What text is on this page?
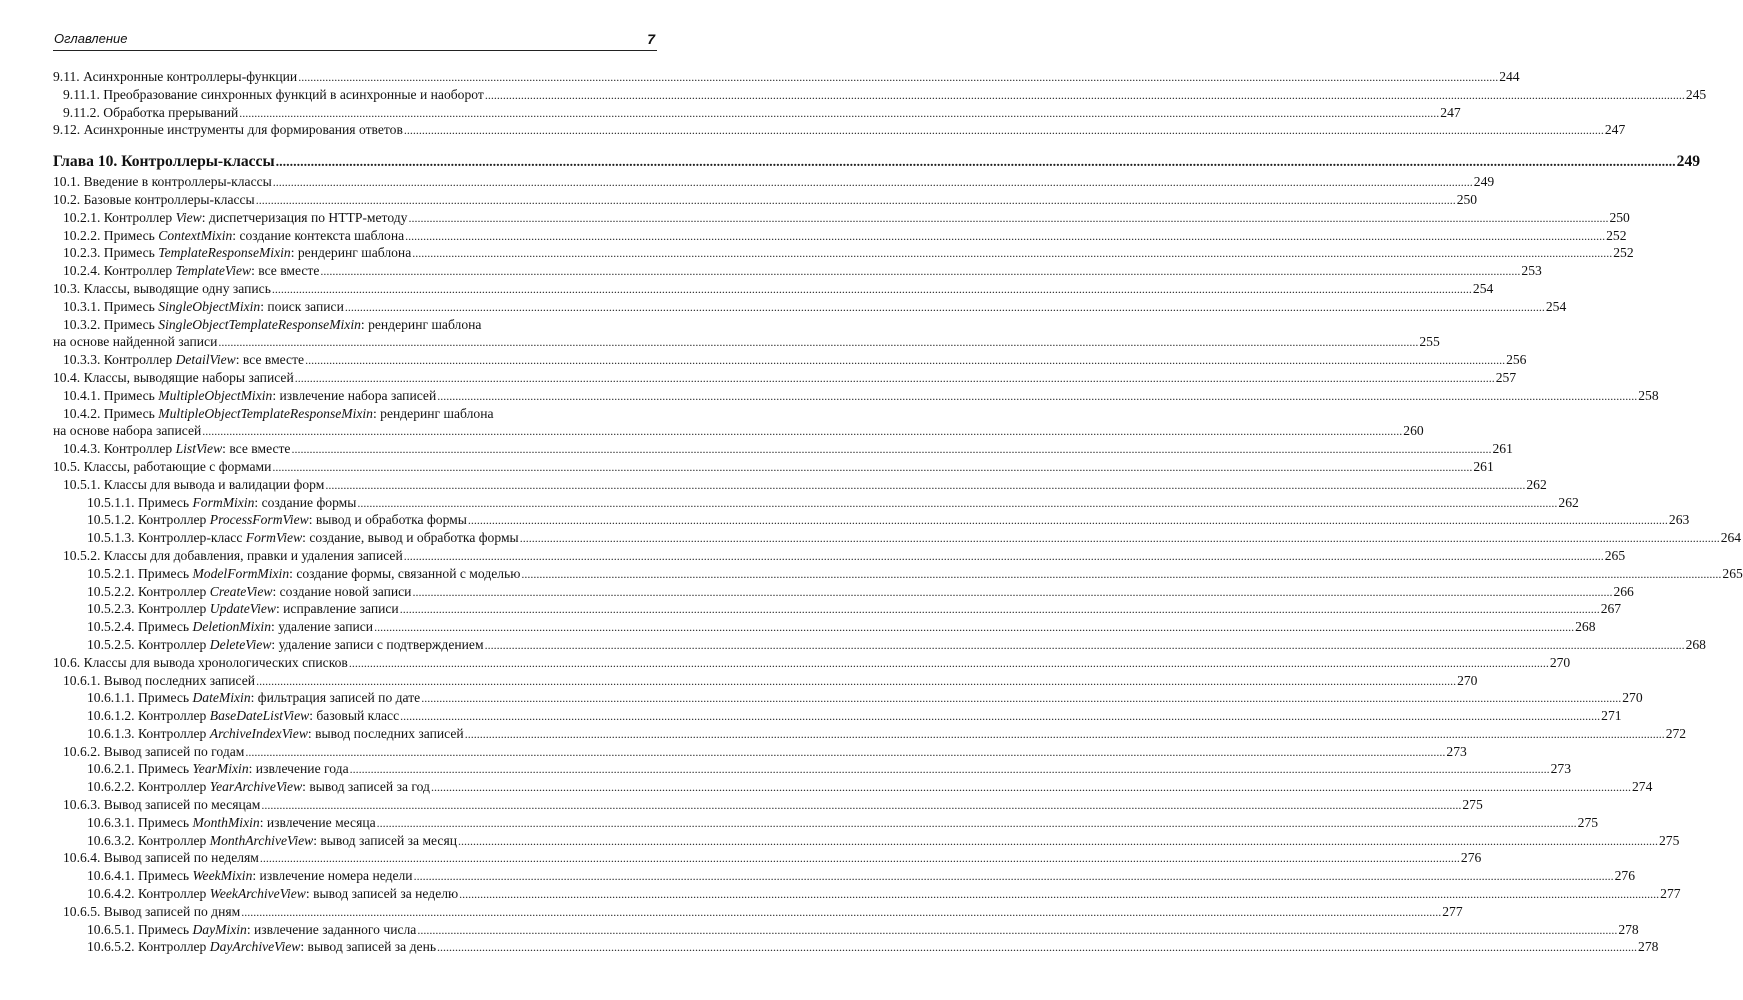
Оглавление	7
9.11. Асинхронные контроллеры-функции ................................................................................................................................................................................................................................................................................................................................................................................................................ 244
9.11.1. Преобразование синхронных функций в асинхронные и наоборот ................................................................................................................................................................................................................................................................................................................................................................................................................ 245
9.11.2. Обработка прерываний ................................................................................................................................................................................................................................................................................................................................................................................................................ 247
9.12. Асинхронные инструменты для формирования ответов ................................................................................................................................................................................................................................................................................................................................................................................................................ 247
Глава 10. Контроллеры-классы ................................................................................................................................................................................................................................................................................................................................................................................................................ 249
10.1. Введение в контроллеры-классы ................................................................................................................................................................................................................................................................................................................................................................................................................ 249
10.2. Базовые контроллеры-классы ................................................................................................................................................................................................................................................................................................................................................................................................................ 250
10.2.1. Контроллер View: диспетчеризация по HTTP-методу ................................................................................................................................................................................................................................................................................................................................................................................................................ 250
10.2.2. Примесь ContextMixin: создание контекста шаблона ................................................................................................................................................................................................................................................................................................................................................................................................................ 252
10.2.3. Примесь TemplateResponseMixin: рендеринг шаблона ................................................................................................................................................................................................................................................................................................................................................................................................................ 252
10.2.4. Контроллер TemplateView: все вместе ................................................................................................................................................................................................................................................................................................................................................................................................................ 253
10.3. Классы, выводящие одну запись ................................................................................................................................................................................................................................................................................................................................................................................................................ 254
10.3.1. Примесь SingleObjectMixin: поиск записи ................................................................................................................................................................................................................................................................................................................................................................................................................ 254
10.3.2. Примесь SingleObjectTemplateResponseMixin: рендеринг шаблона
на основе найденной записи ................................................................................................................................................................................................................................................................................................................................................................................................................ 255
10.3.3. Контроллер DetailView: все вместе ................................................................................................................................................................................................................................................................................................................................................................................................................ 256
10.4. Классы, выводящие наборы записей ................................................................................................................................................................................................................................................................................................................................................................................................................ 257
10.4.1. Примесь MultipleObjectMixin: извлечение набора записей ................................................................................................................................................................................................................................................................................................................................................................................................................ 258
10.4.2. Примесь MultipleObjectTemplateResponseMixin: рендеринг шаблона
на основе набора записей ................................................................................................................................................................................................................................................................................................................................................................................................................ 260
10.4.3. Контроллер ListView: все вместе ................................................................................................................................................................................................................................................................................................................................................................................................................ 261
10.5. Классы, работающие с формами ................................................................................................................................................................................................................................................................................................................................................................................................................ 261
10.5.1. Классы для вывода и валидации форм ................................................................................................................................................................................................................................................................................................................................................................................................................ 262
10.5.1.1. Примесь FormMixin: создание формы ................................................................................................................................................................................................................................................................................................................................................................................................................ 262
10.5.1.2. Контроллер ProcessFormView: вывод и обработка формы ................................................................................................................................................................................................................................................................................................................................................................................................................ 263
10.5.1.3. Контроллер-класс FormView: создание, вывод и обработка формы ................................................................................................................................................................................................................................................................................................................................................................................................................ 264
10.5.2. Классы для добавления, правки и удаления записей ................................................................................................................................................................................................................................................................................................................................................................................................................ 265
10.5.2.1. Примесь ModelFormMixin: создание формы, связанной с моделью ................................................................................................................................................................................................................................................................................................................................................................................................................ 265
10.5.2.2. Контроллер CreateView: создание новой записи ................................................................................................................................................................................................................................................................................................................................................................................................................ 266
10.5.2.3. Контроллер UpdateView: исправление записи ................................................................................................................................................................................................................................................................................................................................................................................................................ 267
10.5.2.4. Примесь DeletionMixin: удаление записи ................................................................................................................................................................................................................................................................................................................................................................................................................ 268
10.5.2.5. Контроллер DeleteView: удаление записи с подтверждением ................................................................................................................................................................................................................................................................................................................................................................................................................ 268
10.6. Классы для вывода хронологических списков ................................................................................................................................................................................................................................................................................................................................................................................................................ 270
10.6.1. Вывод последних записей ................................................................................................................................................................................................................................................................................................................................................................................................................ 270
10.6.1.1. Примесь DateMixin: фильтрация записей по дате ................................................................................................................................................................................................................................................................................................................................................................................................................ 270
10.6.1.2. Контроллер BaseDateListView: базовый класс ................................................................................................................................................................................................................................................................................................................................................................................................................ 271
10.6.1.3. Контроллер ArchiveIndexView: вывод последних записей ................................................................................................................................................................................................................................................................................................................................................................................................................ 272
10.6.2. Вывод записей по годам ................................................................................................................................................................................................................................................................................................................................................................................................................ 273
10.6.2.1. Примесь YearMixin: извлечение года ................................................................................................................................................................................................................................................................................................................................................................................................................ 273
10.6.2.2. Контроллер YearArchiveView: вывод записей за год ................................................................................................................................................................................................................................................................................................................................................................................................................ 274
10.6.3. Вывод записей по месяцам ................................................................................................................................................................................................................................................................................................................................................................................................................ 275
10.6.3.1. Примесь MonthMixin: извлечение месяца ................................................................................................................................................................................................................................................................................................................................................................................................................ 275
10.6.3.2. Контроллер MonthArchiveView: вывод записей за месяц ................................................................................................................................................................................................................................................................................................................................................................................................................ 275
10.6.4. Вывод записей по неделям ................................................................................................................................................................................................................................................................................................................................................................................................................ 276
10.6.4.1. Примесь WeekMixin: извлечение номера недели ................................................................................................................................................................................................................................................................................................................................................................................................................ 276
10.6.4.2. Контроллер WeekArchiveView: вывод записей за неделю ................................................................................................................................................................................................................................................................................................................................................................................................................ 277
10.6.5. Вывод записей по дням ................................................................................................................................................................................................................................................................................................................................................................................................................ 277
10.6.5.1. Примесь DayMixin: извлечение заданного числа ................................................................................................................................................................................................................................................................................................................................................................................................................ 278
10.6.5.2. Контроллер DayArchiveView: вывод записей за день ................................................................................................................................................................................................................................................................................................................................................................................................................ 278
